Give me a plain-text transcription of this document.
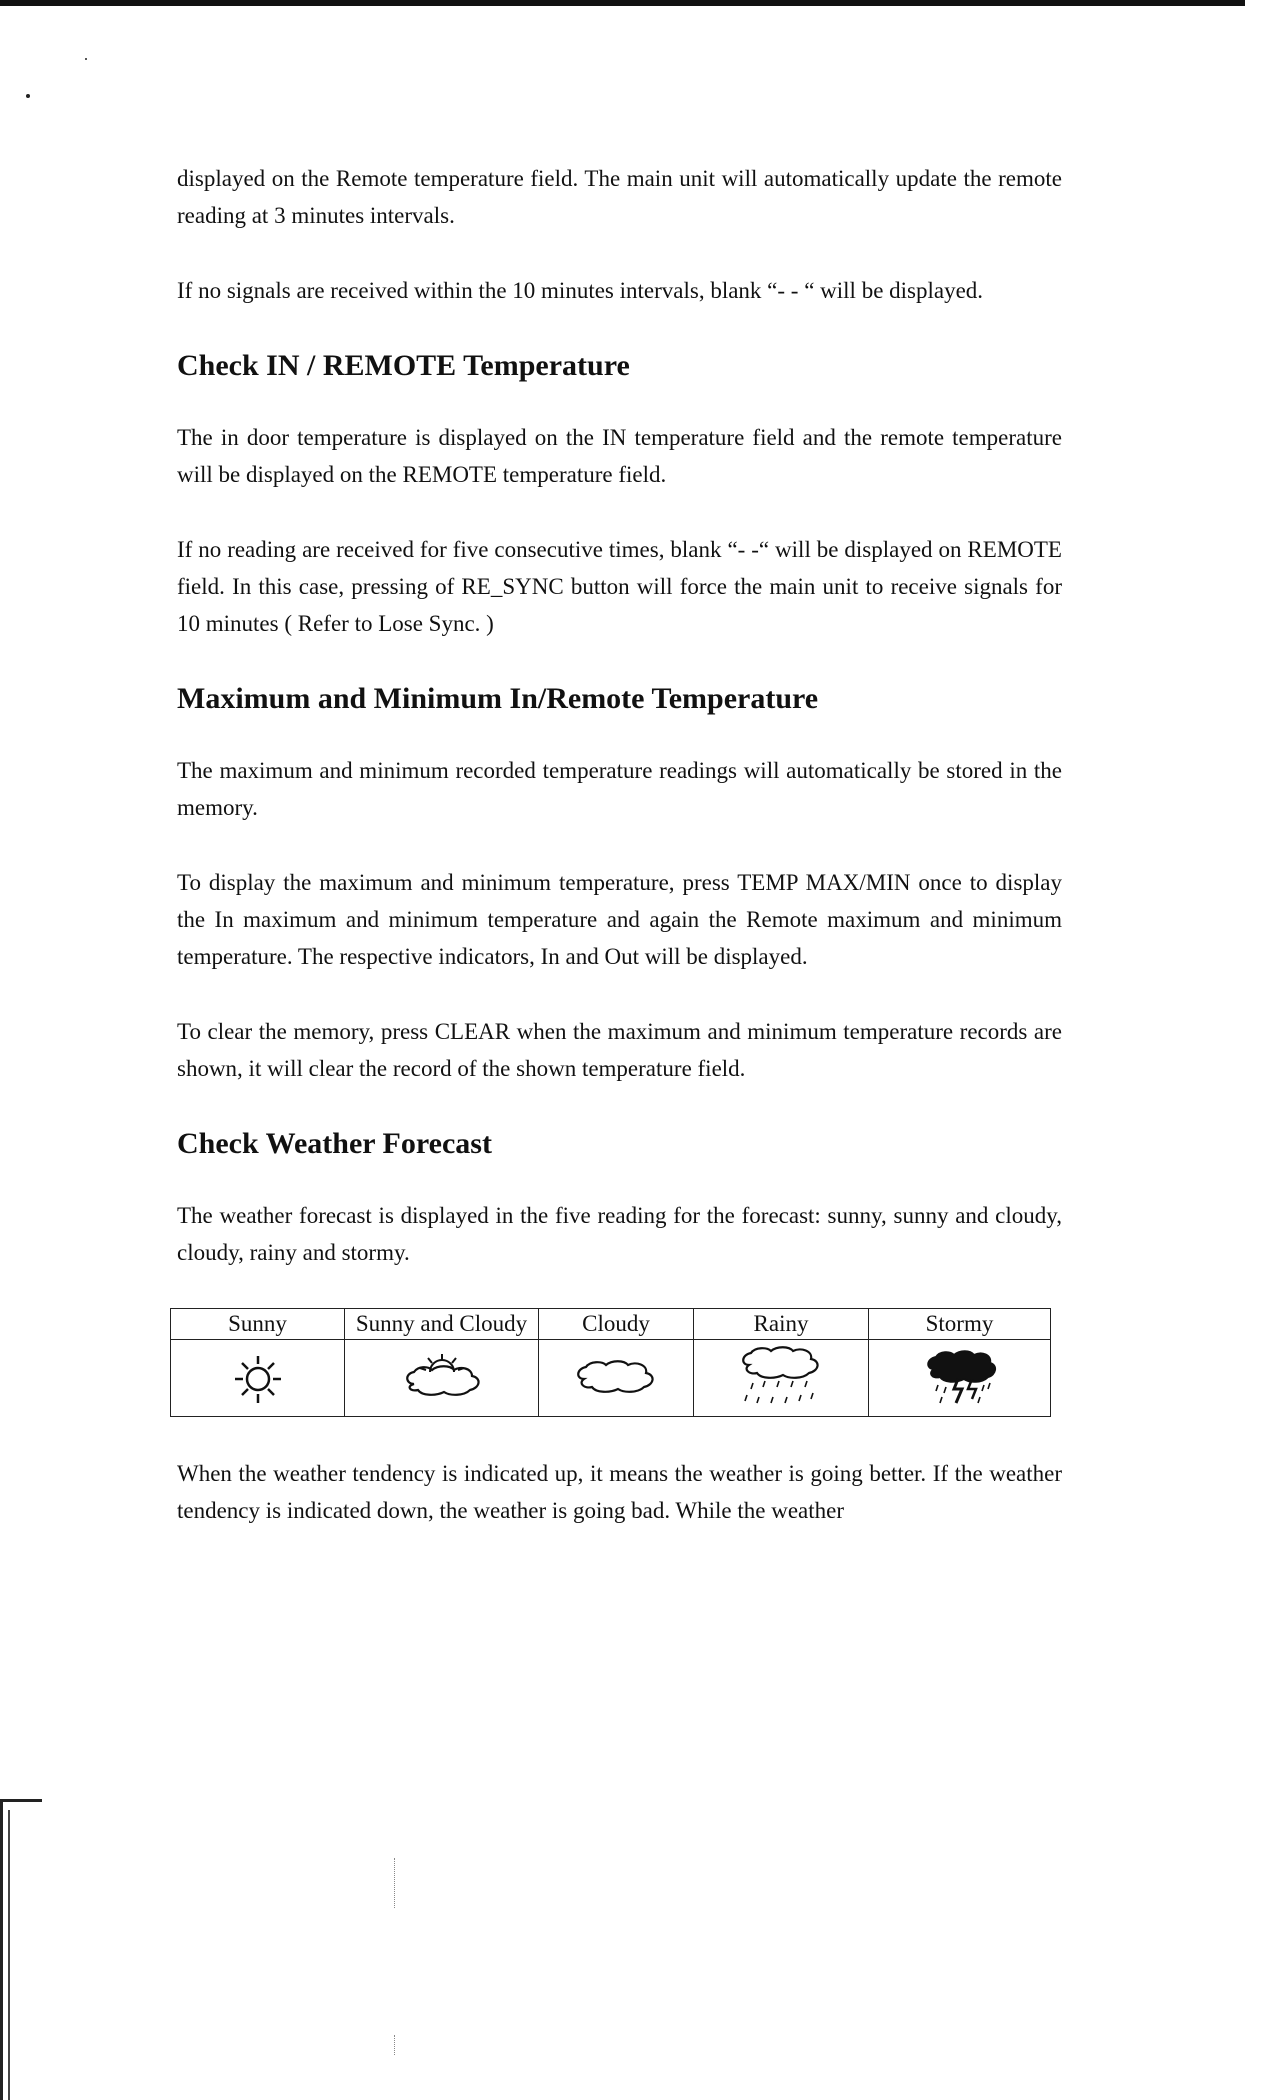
displayed on the Remote temperature field. The main unit will automatically update the remote reading at 3 minutes intervals.

If no signals are received within the 10 minutes intervals, blank “- - “ will be displayed.

Check IN / REMOTE Temperature

The in door temperature is displayed on the IN temperature field and the remote temperature will be displayed on the REMOTE temperature field.

If no reading are received for five consecutive times, blank “- -“ will be displayed on REMOTE field. In this case, pressing of RE_SYNC button will force the main unit to receive signals for 10 minutes ( Refer to Lose Sync. )

Maximum and Minimum In/Remote Temperature

The maximum and minimum recorded temperature readings will automatically be stored in the memory.

To display the maximum and minimum temperature, press TEMP MAX/MIN once to display the In maximum and minimum temperature and again the Remote maximum and minimum temperature. The respective indicators, In and Out will be displayed.

To clear the memory, press CLEAR when the maximum and minimum temperature records are shown, it will clear the record of the shown temperature field.

Check Weather Forecast

The weather forecast is displayed in the five reading for the forecast: sunny, sunny and cloudy, cloudy, rainy and stormy.

Sunny	Sunny and Cloudy	Cloudy	Rainy	Stormy

When the weather tendency is indicated up, it means the weather is going better. If the weather tendency is indicated down, the weather is going bad. While the weather
